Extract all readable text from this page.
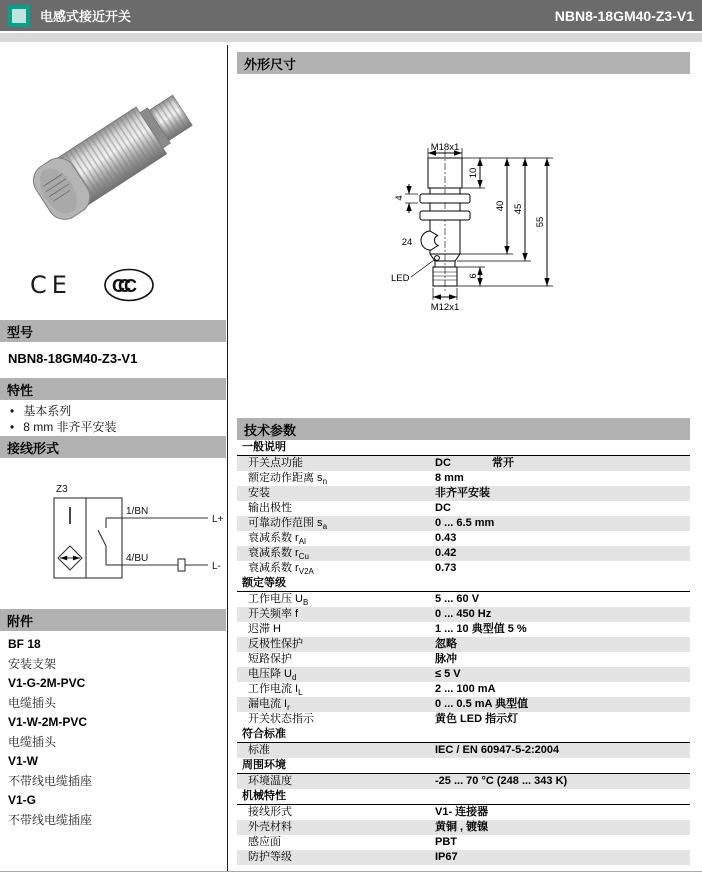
电感式接近开关	NBN8-18GM40-Z3-V1
CE CCC
型号
NBN8-18GM40-Z3-V1
特性
• 基本系列
• 8 mm 非齐平安装
接线形式
Z3
1/BN
4/BU
L+
L-
附件
BF 18
安装支架
V1-G-2M-PVC
电缆插头
V1-W-2M-PVC
电缆插头
V1-W
不带线电缆插座
V1-G
不带线电缆插座
外形尺寸
M18x1
M12x1
LED
24
4
10
6
40 45
55
技术参数
一般说明
开关点功能	DC	常开
额定动作距离 $s_n$	8 mm
安装	非齐平安装
输出极性	DC
可靠动作范围 $s_a$	0 ... 6.5 mm
衰减系数 $r_{Al}$	0.43
衰减系数 $r_{Cu}$	0.42
衰减系数 $r_{V2A}$	0.73
额定等级
工作电压 $U_B$	5 ... 60 V
开关频率 f	0 ... 450 Hz
迟滞 H	1 ... 10 典型值 5 %
反极性保护	忽略
短路保护	脉冲
电压降 $U_d$	≤ 5 V
工作电流 $I_L$	2 ... 100 mA
漏电流 $I_r$	0 ... 0.5 mA 典型值
开关状态指示	黄色 LED 指示灯
符合标准
标准	IEC / EN 60947-5-2:2004
周围环境
环境温度	-25 ... 70 °C (248 ... 343 K)
机械特性
接线形式	V1- 连接器
外壳材料	黄铜 , 镀镍
感应面	PBT
防护等级	IP67
